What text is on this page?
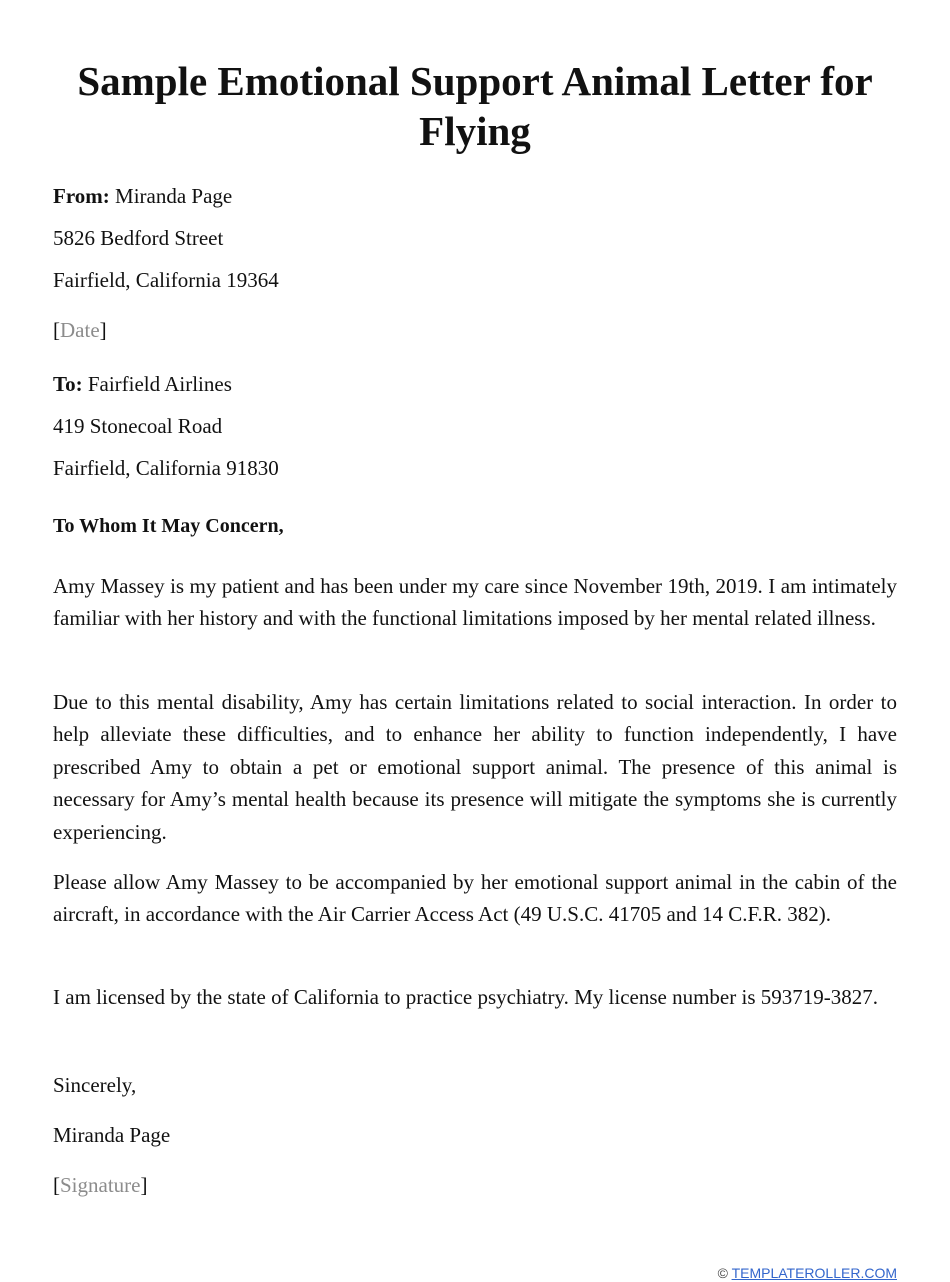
Sample Emotional Support Animal Letter for Flying
From: Miranda Page
5826 Bedford Street
Fairfield, California 19364
[Date]
To: Fairfield Airlines
419 Stonecoal Road
Fairfield, California 91830
To Whom It May Concern,
Amy Massey is my patient and has been under my care since November 19th, 2019. I am intimately familiar with her history and with the functional limitations imposed by her mental related illness.
Due to this mental disability, Amy has certain limitations related to social interaction. In order to help alleviate these difficulties, and to enhance her ability to function independently, I have prescribed Amy to obtain a pet or emotional support animal. The presence of this animal is necessary for Amy’s mental health because its presence will mitigate the symptoms she is currently experiencing.
Please allow Amy Massey to be accompanied by her emotional support animal in the cabin of the aircraft, in accordance with the Air Carrier Access Act (49 U.S.C. 41705 and 14 C.F.R. 382).
I am licensed by the state of California to practice psychiatry. My license number is 593719-3827.
Sincerely,
Miranda Page
[Signature]
© TEMPLATEROLLER.COM
